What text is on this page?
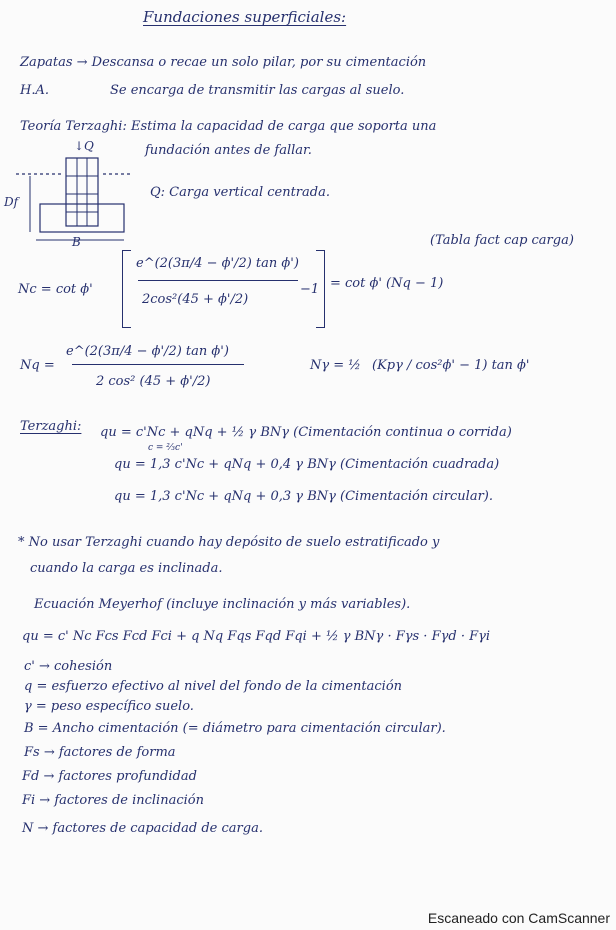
Fundaciones superficiales:
Zapatas → Descansa o recae un solo pilar, por su cimentación
H.A.	Se encarga de transmitir las cargas al suelo.
Teoría Terzaghi: Estima la capacidad de carga que soporta una
fundación antes de fallar.
↓Q
Df
B
Q: Carga vertical centrada.
(Tabla fact cap carga)
Nc = cot ϕ'
e^(2(3π/4 − ϕ'/2) tan ϕ')
2cos²(45 + ϕ'/2)
−1 = cot ϕ' (Nq − 1)
Nq =
e^(2(3π/4 − ϕ'/2) tan ϕ')
2 cos² (45 + ϕ'/2)
Nγ = ½ (Kpγ / cos²ϕ' − 1) tan ϕ'
Terzaghi: qu = c'Nc + qNq + ½ γ BNγ (Cimentación continua o corrida)
c = ⅔c'
qu = 1,3 c'Nc + qNq + 0,4 γ BNγ (Cimentación cuadrada)
qu = 1,3 c'Nc + qNq + 0,3 γ BNγ (Cimentación circular).
* No usar Terzaghi cuando hay depósito de suelo estratificado y
cuando la carga es inclinada.
Ecuación Meyerhof (incluye inclinación y más variables).
qu = c' Nc Fcs Fcd Fci + q Nq Fqs Fqd Fqi + ½ γ BNγ · Fγs · Fγd · Fγi
c' → cohesión
q = esfuerzo efectivo al nivel del fondo de la cimentación
γ = peso específico suelo.
B = Ancho cimentación (= diámetro para cimentación circular).
Fs → factores de forma
Fd → factores profundidad
Fi → factores de inclinación
N → factores de capacidad de carga.
Escaneado con CamScanner
